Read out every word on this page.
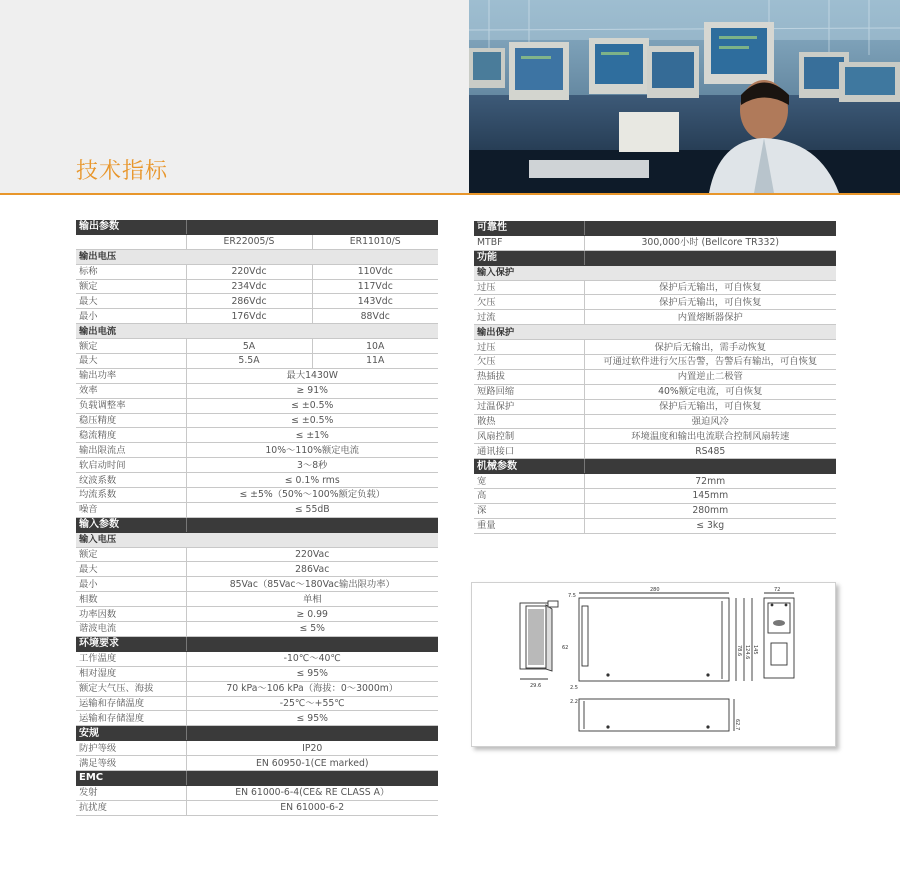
技术指标
输出参数		
	ER22005/S	ER11010/S
输出电压		
标称	220Vdc	110Vdc
额定	234Vdc	117Vdc
最大	286Vdc	143Vdc
最小	176Vdc	88Vdc
输出电流		
额定	5A	10A
最大	5.5A	11A
输出功率	最大1430W	
效率	≥ 91%	
负载调整率	≤ ±0.5%	
稳压精度	≤ ±0.5%	
稳流精度	≤ ±1%	
输出限流点	10%～110%额定电流	
软启动时间	3～8秒	
纹波系数	≤ 0.1% rms	
均流系数	≤ ±5%（50%～100%额定负载）	
噪音	≤ 55dB	
输入参数		
输入电压		
额定	220Vac	
最大	286Vac	
最小	85Vac（85Vac～180Vac输出限功率）	
相数	单相	
功率因数	≥ 0.99	
谐波电流	≤ 5%	
环境要求		
工作温度	-10℃～40℃	
相对湿度	≤ 95%	
额定大气压、海拔	70 kPa～106 kPa（海拔：0～3000m）	
运输和存储温度	-25℃～+55℃	
运输和存储湿度	≤ 95%	
安规		
防护等级	IP20	
满足等级	EN 60950-1(CE marked)	
EMC		
发射	EN 61000-6-4(CE& RE CLASS A）	
抗扰度	EN 61000-6-2	
可靠性	
MTBF	300,000小时 (Bellcore TR332)
功能	
输入保护	
过压	保护后无输出，可自恢复
欠压	保护后无输出，可自恢复
过流	内置熔断器保护
输出保护	
过压	保护后无输出，需手动恢复
欠压	可通过软件进行欠压告警，告警后有输出，可自恢复
热插拔	内置逆止二极管
短路回缩	40%额定电流，可自恢复
过温保护	保护后无输出，可自恢复
散热	强迫风冷
风扇控制	环境温度和输出电流联合控制风扇转速
通讯接口	RS485
机械参数	
宽	72mm
高	145mm
深	280mm
重量	≤ 3kg
280	72
7.5
2.5
29.6
62
2.2
78.6 124.6 145
62.7
